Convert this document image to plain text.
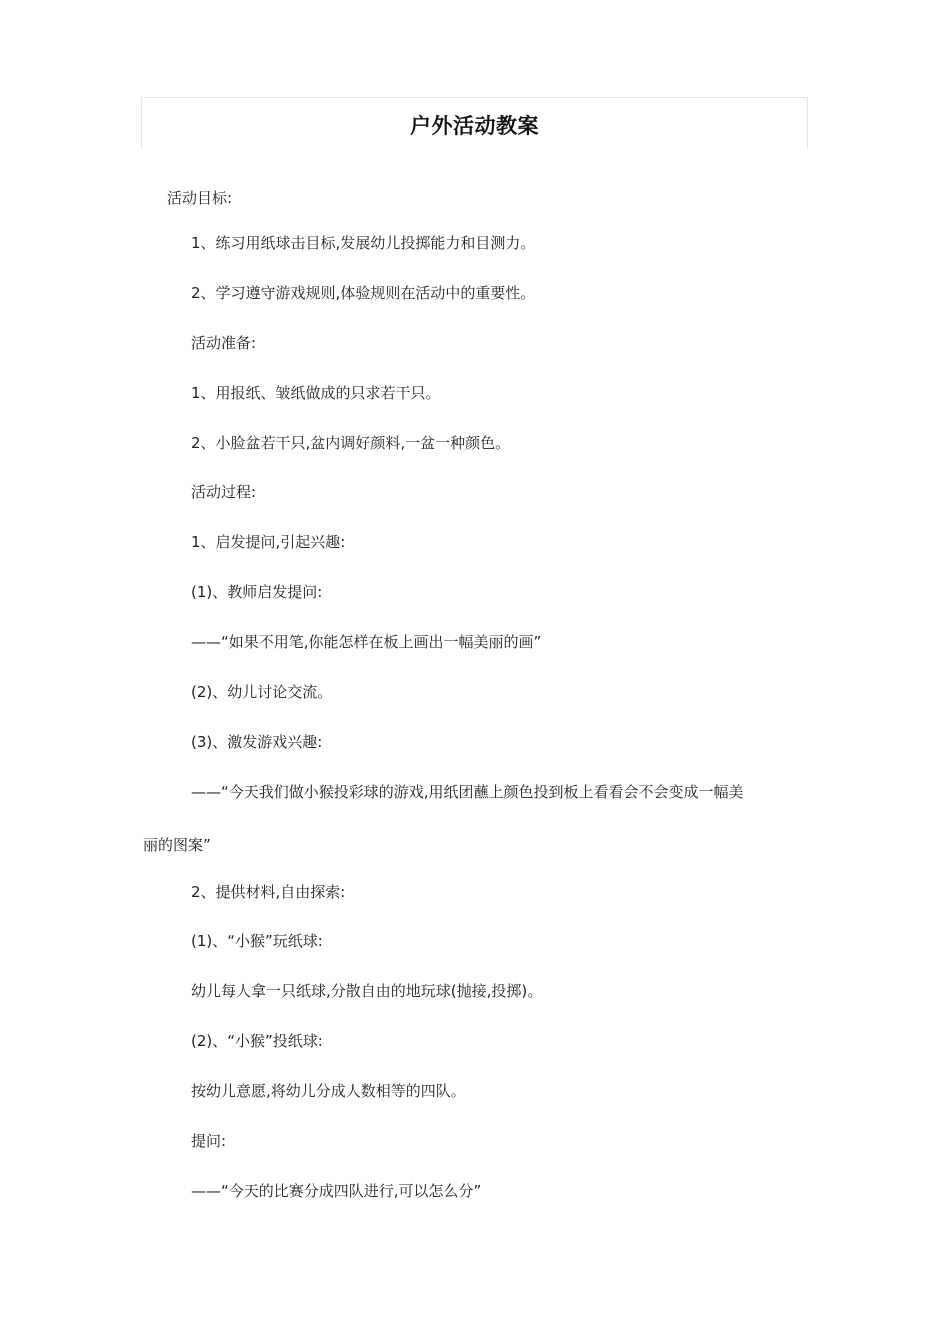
户外活动教案
活动目标:
1、练习用纸球击目标,发展幼儿投掷能力和目测力。
2、学习遵守游戏规则,体验规则在活动中的重要性。
活动准备:
1、用报纸、皱纸做成的只求若干只。
2、小脸盆若干只,盆内调好颜料,一盆一种颜色。
活动过程:
1、启发提问,引起兴趣:
(1)、教师启发提问:
——“如果不用笔,你能怎样在板上画出一幅美丽的画”
(2)、幼儿讨论交流。
(3)、激发游戏兴趣:
——“今天我们做小猴投彩球的游戏,用纸团蘸上颜色投到板上看看会不会变成一幅美
丽的图案”
2、提供材料,自由探索:
(1)、“小猴”玩纸球:
幼儿每人拿一只纸球,分散自由的地玩球(抛接,投掷)。
(2)、“小猴”投纸球:
按幼儿意愿,将幼儿分成人数相等的四队。
提问:
——“今天的比赛分成四队进行,可以怎么分”
